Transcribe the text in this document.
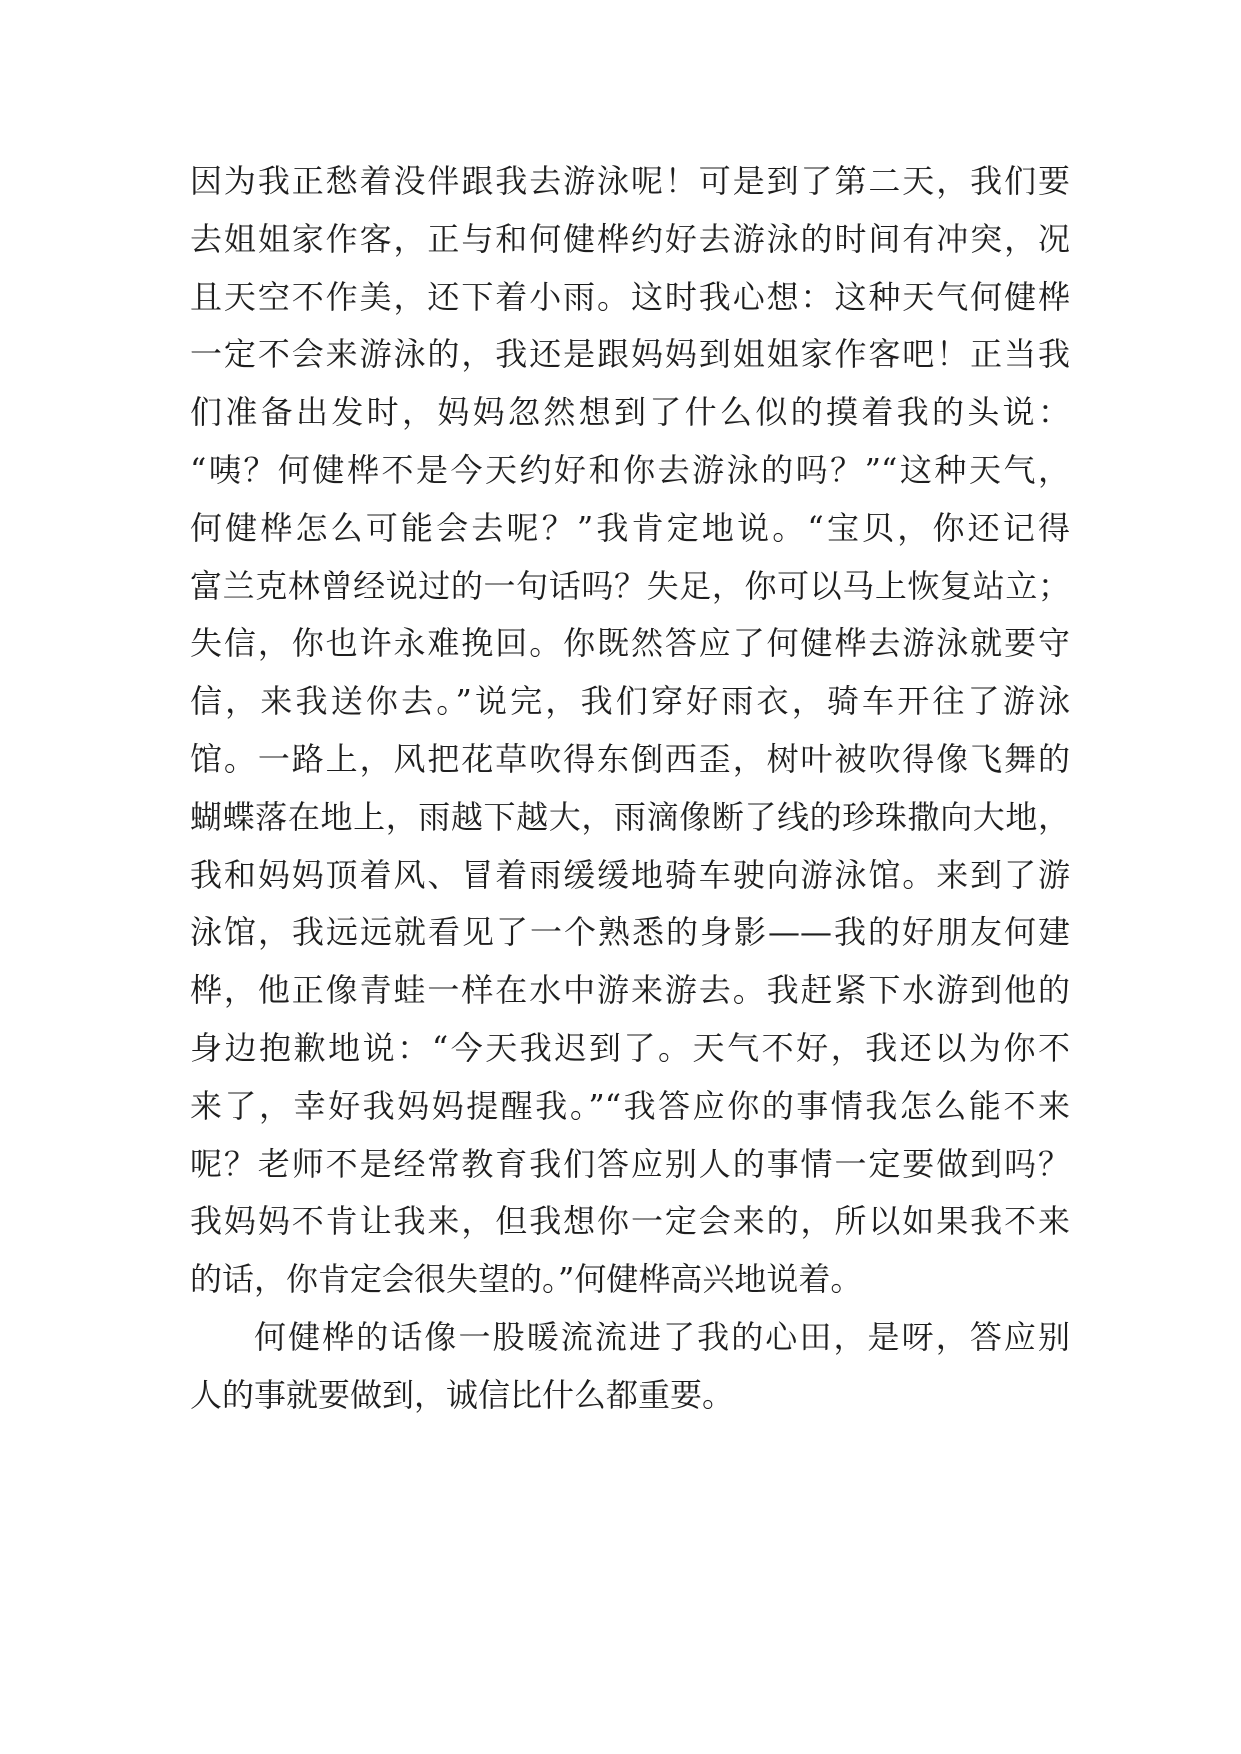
因为我正愁着没伴跟我去游泳呢！可是到了第二天，我们要
去姐姐家作客，正与和何健桦约好去游泳的时间有冲突，况
且天空不作美，还下着小雨。这时我心想：这种天气何健桦
一定不会来游泳的，我还是跟妈妈到姐姐家作客吧！正当我
们准备出发时，妈妈忽然想到了什么似的摸着我的头说：
“咦？何健桦不是今天约好和你去游泳的吗？”“这种天气，
何健桦怎么可能会去呢？”我肯定地说。“宝贝，你还记得
富兰克林曾经说过的一句话吗？失足，你可以马上恢复站立；
失信，你也许永难挽回。你既然答应了何健桦去游泳就要守
信，来我送你去。”说完，我们穿好雨衣，骑车开往了游泳
馆。一路上，风把花草吹得东倒西歪，树叶被吹得像飞舞的
蝴蝶落在地上，雨越下越大，雨滴像断了线的珍珠撒向大地，
我和妈妈顶着风、冒着雨缓缓地骑车驶向游泳馆。来到了游
泳馆，我远远就看见了一个熟悉的身影——我的好朋友何建
桦，他正像青蛙一样在水中游来游去。我赶紧下水游到他的
身边抱歉地说：“今天我迟到了。天气不好，我还以为你不
来了，幸好我妈妈提醒我。”“我答应你的事情我怎么能不来
呢？老师不是经常教育我们答应别人的事情一定要做到吗？
我妈妈不肯让我来，但我想你一定会来的，所以如果我不来
的话，你肯定会很失望的。”何健桦高兴地说着。
何健桦的话像一股暖流流进了我的心田，是呀，答应别
人的事就要做到，诚信比什么都重要。
